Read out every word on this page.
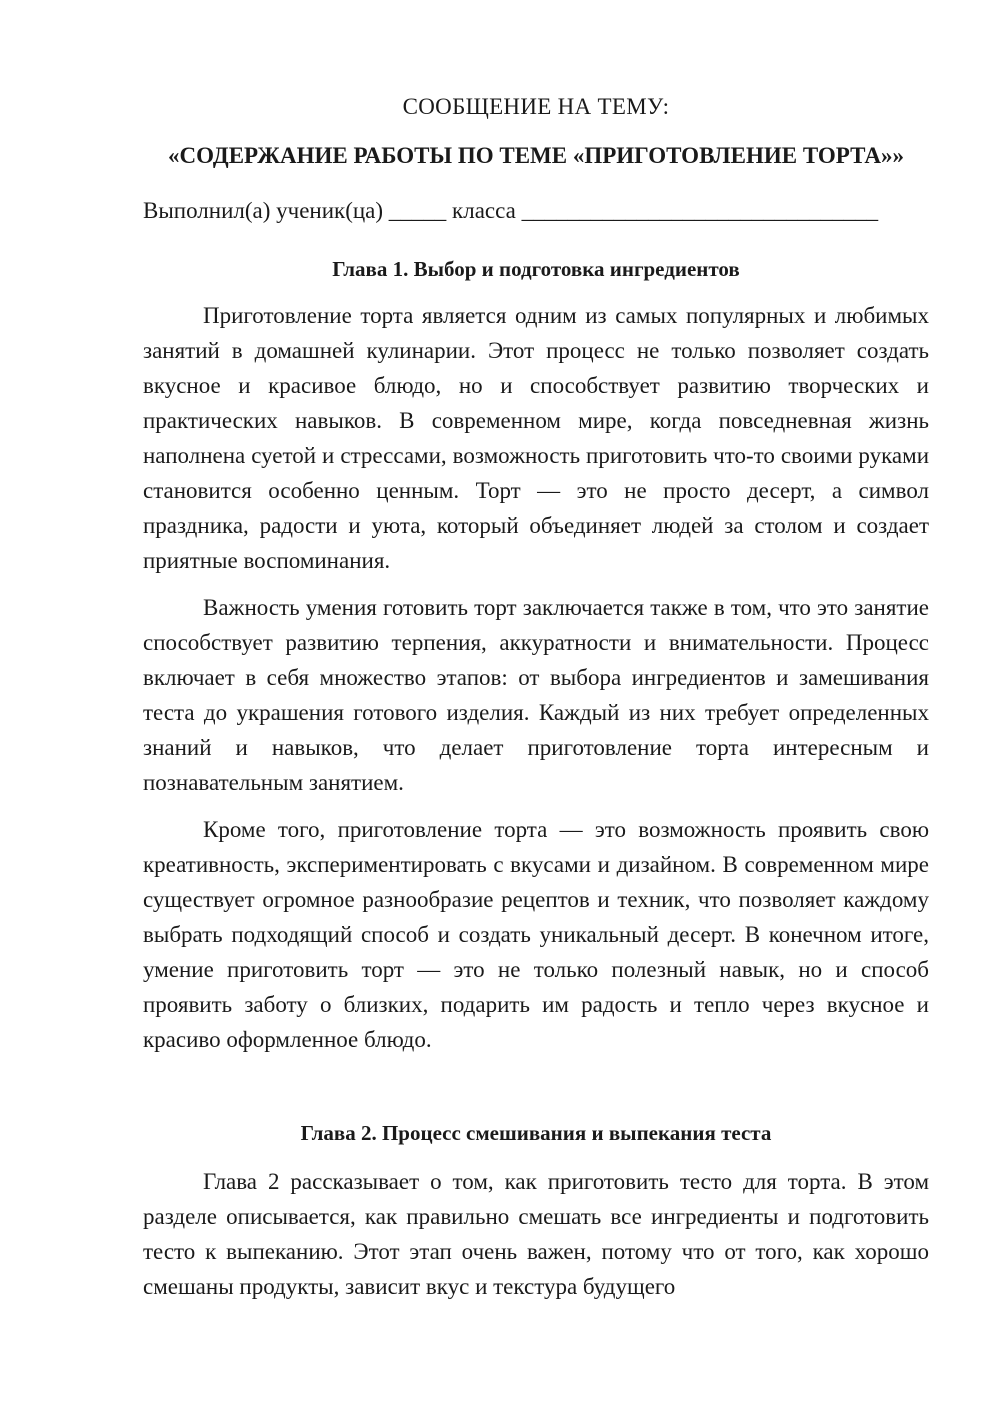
СООБЩЕНИЕ НА ТЕМУ:
«СОДЕРЖАНИЕ РАБОТЫ ПО ТЕМЕ «ПРИГОТОВЛЕНИЕ ТОРТА»»
Выполнил(а) ученик(ца) _____ класса _______________________________
Глава 1. Выбор и подготовка ингредиентов

Приготовление торта является одним из самых популярных и любимых занятий в домашней кулинарии. Этот процесс не только позволяет создать вкусное и красивое блюдо, но и способствует развитию творческих и практических навыков. В современном мире, когда повседневная жизнь наполнена суетой и стрессами, возможность приготовить что-то своими руками становится особенно ценным. Торт — это не просто десерт, а символ праздника, радости и уюта, который объединяет людей за столом и создает приятные воспоминания.

Важность умения готовить торт заключается также в том, что это занятие способствует развитию терпения, аккуратности и внимательности. Процесс включает в себя множество этапов: от выбора ингредиентов и замешивания теста до украшения готового изделия. Каждый из них требует определенных знаний и навыков, что делает приготовление торта интересным и познавательным занятием.

Кроме того, приготовление торта — это возможность проявить свою креативность, экспериментировать с вкусами и дизайном. В современном мире существует огромное разнообразие рецептов и техник, что позволяет каждому выбрать подходящий способ и создать уникальный десерт. В конечном итоге, умение приготовить торт — это не только полезный навык, но и способ проявить заботу о близких, подарить им радость и тепло через вкусное и красиво оформленное блюдо.

Глава 2. Процесс смешивания и выпекания теста

Глава 2 рассказывает о том, как приготовить тесто для торта. В этом разделе описывается, как правильно смешать все ингредиенты и подготовить тесто к выпеканию. Этот этап очень важен, потому что от того, как хорошо смешаны продукты, зависит вкус и текстура будущего
